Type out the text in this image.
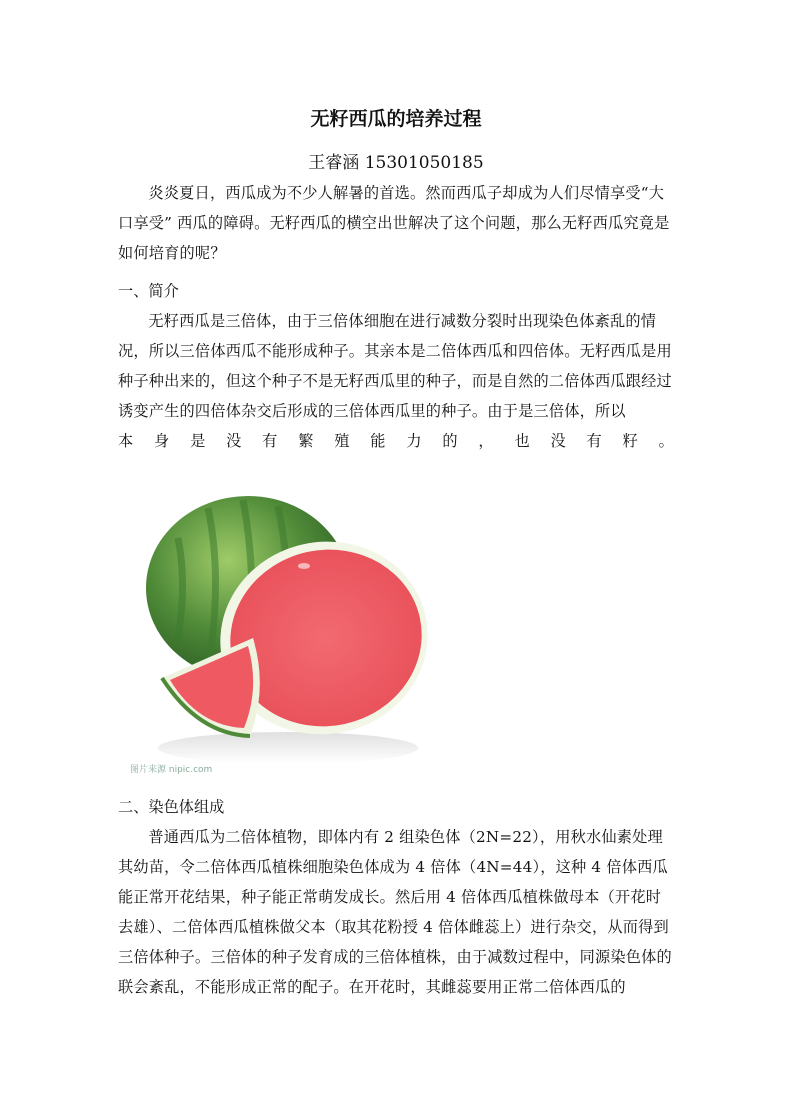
无籽西瓜的培养过程
王睿涵 15301050185

炎炎夏日，西瓜成为不少人解暑的首选。然而西瓜子却成为人们尽情享受“大口享受” 西瓜的障碍。无籽西瓜的横空出世解决了这个问题，那么无籽西瓜究竟是如何培育的呢？

一、简介

无籽西瓜是三倍体，由于三倍体细胞在进行减数分裂时出现染色体紊乱的情况，所以三倍体西瓜不能形成种子。其亲本是二倍体西瓜和四倍体。无籽西瓜是用种子种出来的，但这个种子不是无籽西瓜里的种子，而是自然的二倍体西瓜跟经过诱变产生的四倍体杂交后形成的三倍体西瓜里的种子。由于是三倍体，所以
本身是没有繁殖能力的，也没有籽。

图片来源 nipic.com

二、染色体组成

普通西瓜为二倍体植物，即体内有 2 组染色体（2N=22），用秋水仙素处理其幼苗，令二倍体西瓜植株细胞染色体成为 4 倍体（4N=44），这种 4 倍体西瓜能正常开花结果，种子能正常萌发成长。然后用 4 倍体西瓜植株做母本（开花时去雄）、二倍体西瓜植株做父本（取其花粉授 4 倍体雌蕊上）进行杂交，从而得到三倍体种子。三倍体的种子发育成的三倍体植株，由于减数过程中，同源染色体的联会紊乱，不能形成正常的配子。在开花时，其雌蕊要用正常二倍体西瓜的
